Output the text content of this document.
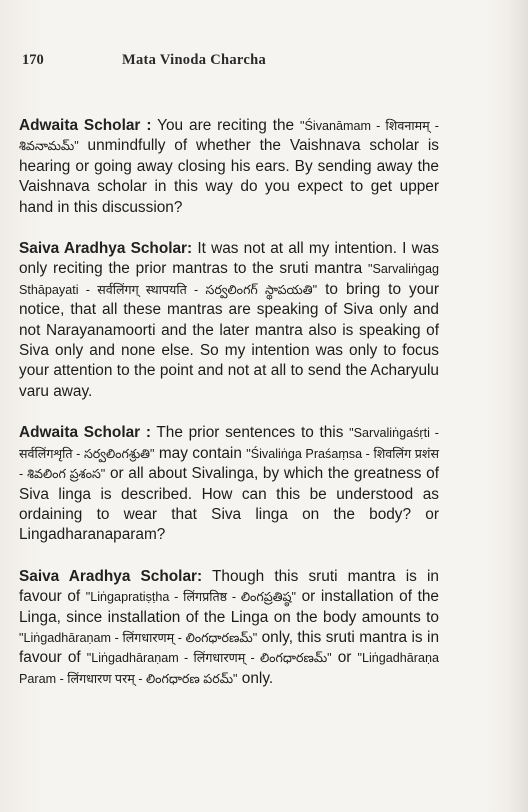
170	Mata Vinoda Charcha

Adwaita Scholar : You are reciting the "Śivanāmam - शिवनामम् - శివనామమ్" unmindfully of whether the Vaishnava scholar is hearing or going away closing his ears. By sending away the Vaishnava scholar in this way do you expect to get upper hand in this discussion?

Saiva Aradhya Scholar: It was not at all my intention. I was only reciting the prior mantras to the sruti mantra "Sarvaliṅgag Sthāpayati - सर्वलिंगग् स्थापयति - సర్వలింగగ్ స్థాపయతి" to bring to your notice, that all these mantras are speaking of Siva only and not Narayanamoorti and the later mantra also is speaking of Siva only and none else. So my intention was only to focus your attention to the point and not at all to send the Acharyulu varu away.

Adwaita Scholar : The prior sentences to this "Sarvaliṅgaśṛti - सर्वलिंगशृति - సర్వలింగశ్రుతి" may contain "Śivaliṅga Praśaṃsa - शिवलिंग प्रशंस - శివలింగ ప్రశంస" or all about Sivalinga, by which the greatness of Siva linga is described. How can this be understood as ordaining to wear that Siva linga on the body? or Lingadharanaparam?

Saiva Aradhya Scholar: Though this sruti mantra is in favour of "Liṅgapratiṣṭha - लिंगप्रतिष्ठ - లింగప్రతిష్ఠ" or installation of the Linga, since installation of the Linga on the body amounts to "Liṅgadhāraṇam - लिंगधारणम् - లింగధారణమ్" only, this sruti mantra is in favour of "Liṅgadhāraṇam - लिंगधारणम् - లింగధారణమ్" or "Liṅgadhāraṇa Param - लिंगधारण परम् - లింగధారణ పరమ్" only.
